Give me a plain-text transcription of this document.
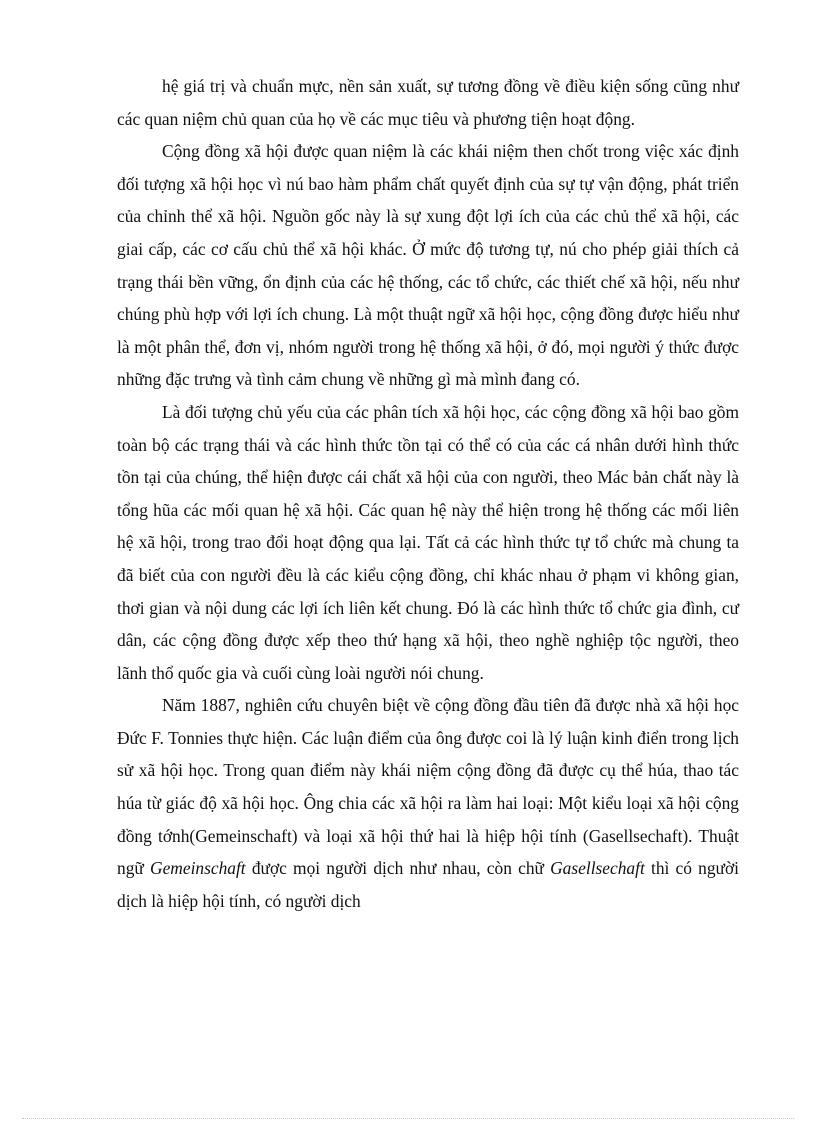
hệ giá trị và chuẩn mực, nền sản xuất, sự tương đồng về điều kiện sống cũng như các quan niệm chủ quan của họ về các mục tiêu và phương tiện hoạt động.

Cộng đồng xã hội được quan niệm là các khái niệm then chốt trong việc xác định đối tượng xã hội học vì nú bao hàm phẩm chất quyết định của sự tự vận động, phát triển của chỉnh thể xã hội. Nguồn gốc này là sự xung đột lợi ích của các chủ thể xã hội, các giai cấp, các cơ cấu chủ thể xã hội khác. Ở mức độ tương tự, nú cho phép giải thích cả trạng thái bền vững, ổn định của các hệ thống, các tổ chức, các thiết chế xã hội, nếu như chúng phù hợp với lợi ích chung. Là một thuật ngữ xã hội học, cộng đồng được hiểu như là một phân thể, đơn vị, nhóm người trong hệ thống xã hội, ở đó, mọi người ý thức được những đặc trưng và tình cảm chung về những gì mà mình đang có.

Là đối tượng chủ yếu của các phân tích xã hội học, các cộng đồng xã hội bao gồm toàn bộ các trạng thái và các hình thức tồn tại có thể có của các cá nhân dưới hình thức tồn tại của chúng, thể hiện được cái chất xã hội của con người, theo Mác bản chất này là tổng hũa các mối quan hệ xã hội. Các quan hệ này thể hiện trong hệ thống các mối liên hệ xã hội, trong trao đổi hoạt động qua lại. Tất cả các hình thức tự tổ chức mà chung ta đã biết của con người đều là các kiểu cộng đồng, chỉ khác nhau ở phạm vi không gian, thơi gian và nội dung các lợi ích liên kết chung. Đó là các hình thức tổ chức gia đình, cư dân, các cộng đồng được xếp theo thứ hạng xã hội, theo nghề nghiệp tộc người, theo lãnh thổ quốc gia và cuối cùng loài người nói chung.

Năm 1887, nghiên cứu chuyên biệt về cộng đồng đầu tiên đã được nhà xã hội học Đức F. Tonnies thực hiện. Các luận điểm của ông được coi là lý luận kinh điển trong lịch sử xã hội học. Trong quan điểm này khái niệm cộng đồng đã được cụ thể húa, thao tác húa từ giác độ xã hội học. Ông chia các xã hội ra làm hai loại: Một kiểu loại xã hội cộng đồng tớnh(Gemeinschaft) và loại xã hội thứ hai là hiệp hội tính (Gasellsechaft). Thuật ngữ Gemeinschaft được mọi người dịch như nhau, còn chữ Gasellsechaft thì có người dịch là hiệp hội tính, có người dịch
